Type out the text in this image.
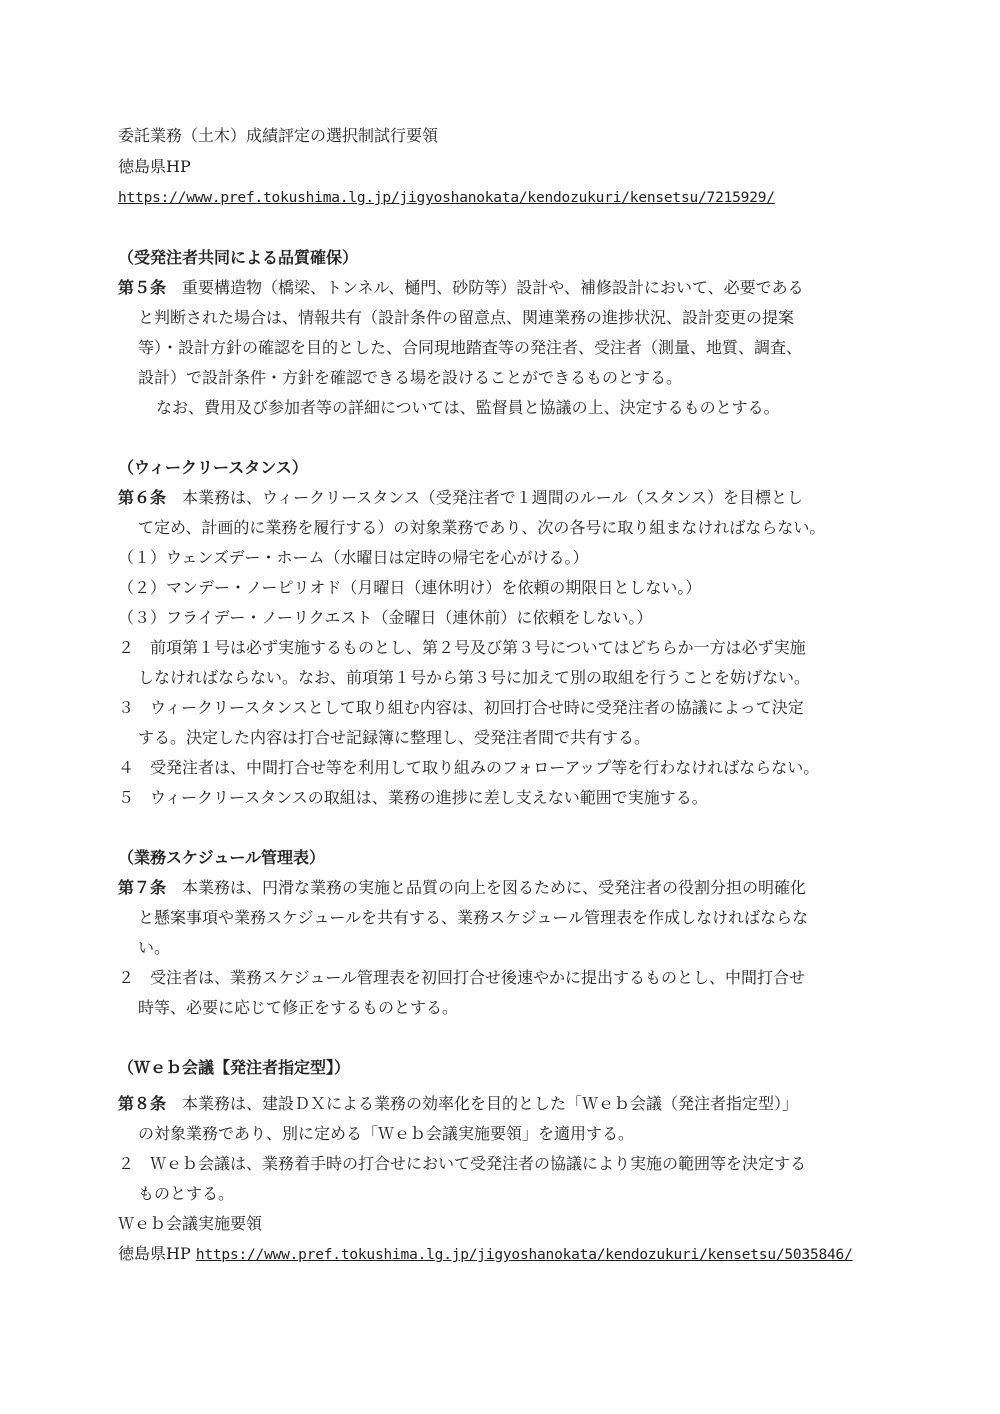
委託業務（土木）成績評定の選択制試行要領
徳島県HP
https://www.pref.tokushima.lg.jp/jigyoshanokata/kendozukuri/kensetsu/7215929/
（受発注者共同による品質確保）
第５条　 重要構造物（橋梁、トンネル、樋門、砂防等）設計や、補修設計において、必要である
と判断された場合は、情報共有（設計条件の留意点、関連業務の進捗状況、設計変更の提案
等）・設計方針の確認を目的とした、合同現地踏査等の発注者、受注者（測量、地質、調査、
設計）で設計条件・方針を確認できる場を設けることができるものとする。
なお、費用及び参加者等の詳細については、監督員と協議の上、決定するものとする。
（ウィークリースタンス）
第６条　 本業務は、ウィークリースタンス（受発注者で１週間のルール（スタンス）を目標とし
て定め、計画的に業務を履行する）の対象業務であり、次の各号に取り組まなければならない。
（１）ウェンズデー・ホーム（水曜日は定時の帰宅を心がける。）
（２）マンデー・ノーピリオド（月曜日（連休明け）を依頼の期限日としない。）
（３）フライデー・ノーリクエスト（金曜日（連休前）に依頼をしない。）
２　前項第１号は必ず実施するものとし、第２号及び第３号についてはどちらか一方は必ず実施
しなければならない。なお、前項第１号から第３号に加えて別の取組を行うことを妨げない。
３　ウィークリースタンスとして取り組む内容は、初回打合せ時に受発注者の協議によって決定
する。決定した内容は打合せ記録簿に整理し、受発注者間で共有する。
４　受発注者は、中間打合せ等を利用して取り組みのフォローアップ等を行わなければならない。
５　ウィークリースタンスの取組は、業務の進捗に差し支えない範囲で実施する。
（業務スケジュール管理表）
第７条　 本業務は、円滑な業務の実施と品質の向上を図るために、受発注者の役割分担の明確化
と懸案事項や業務スケジュールを共有する、業務スケジュール管理表を作成しなければならな
い。
２　受注者は、業務スケジュール管理表を初回打合せ後速やかに提出するものとし、中間打合せ
時等、必要に応じて修正をするものとする。
（Ｗｅｂ会議【発注者指定型】）
第８条　 本業務は、建設ＤＸによる業務の効率化を目的とした「Ｗｅｂ会議（発注者指定型）」
の対象業務であり、別に定める「Ｗｅｂ会議実施要領」を適用する。
２　Ｗｅｂ会議は、業務着手時の打合せにおいて受発注者の協議により実施の範囲等を決定する
ものとする。
Ｗｅｂ会議実施要領
徳島県HP https://www.pref.tokushima.lg.jp/jigyoshanokata/kendozukuri/kensetsu/5035846/
